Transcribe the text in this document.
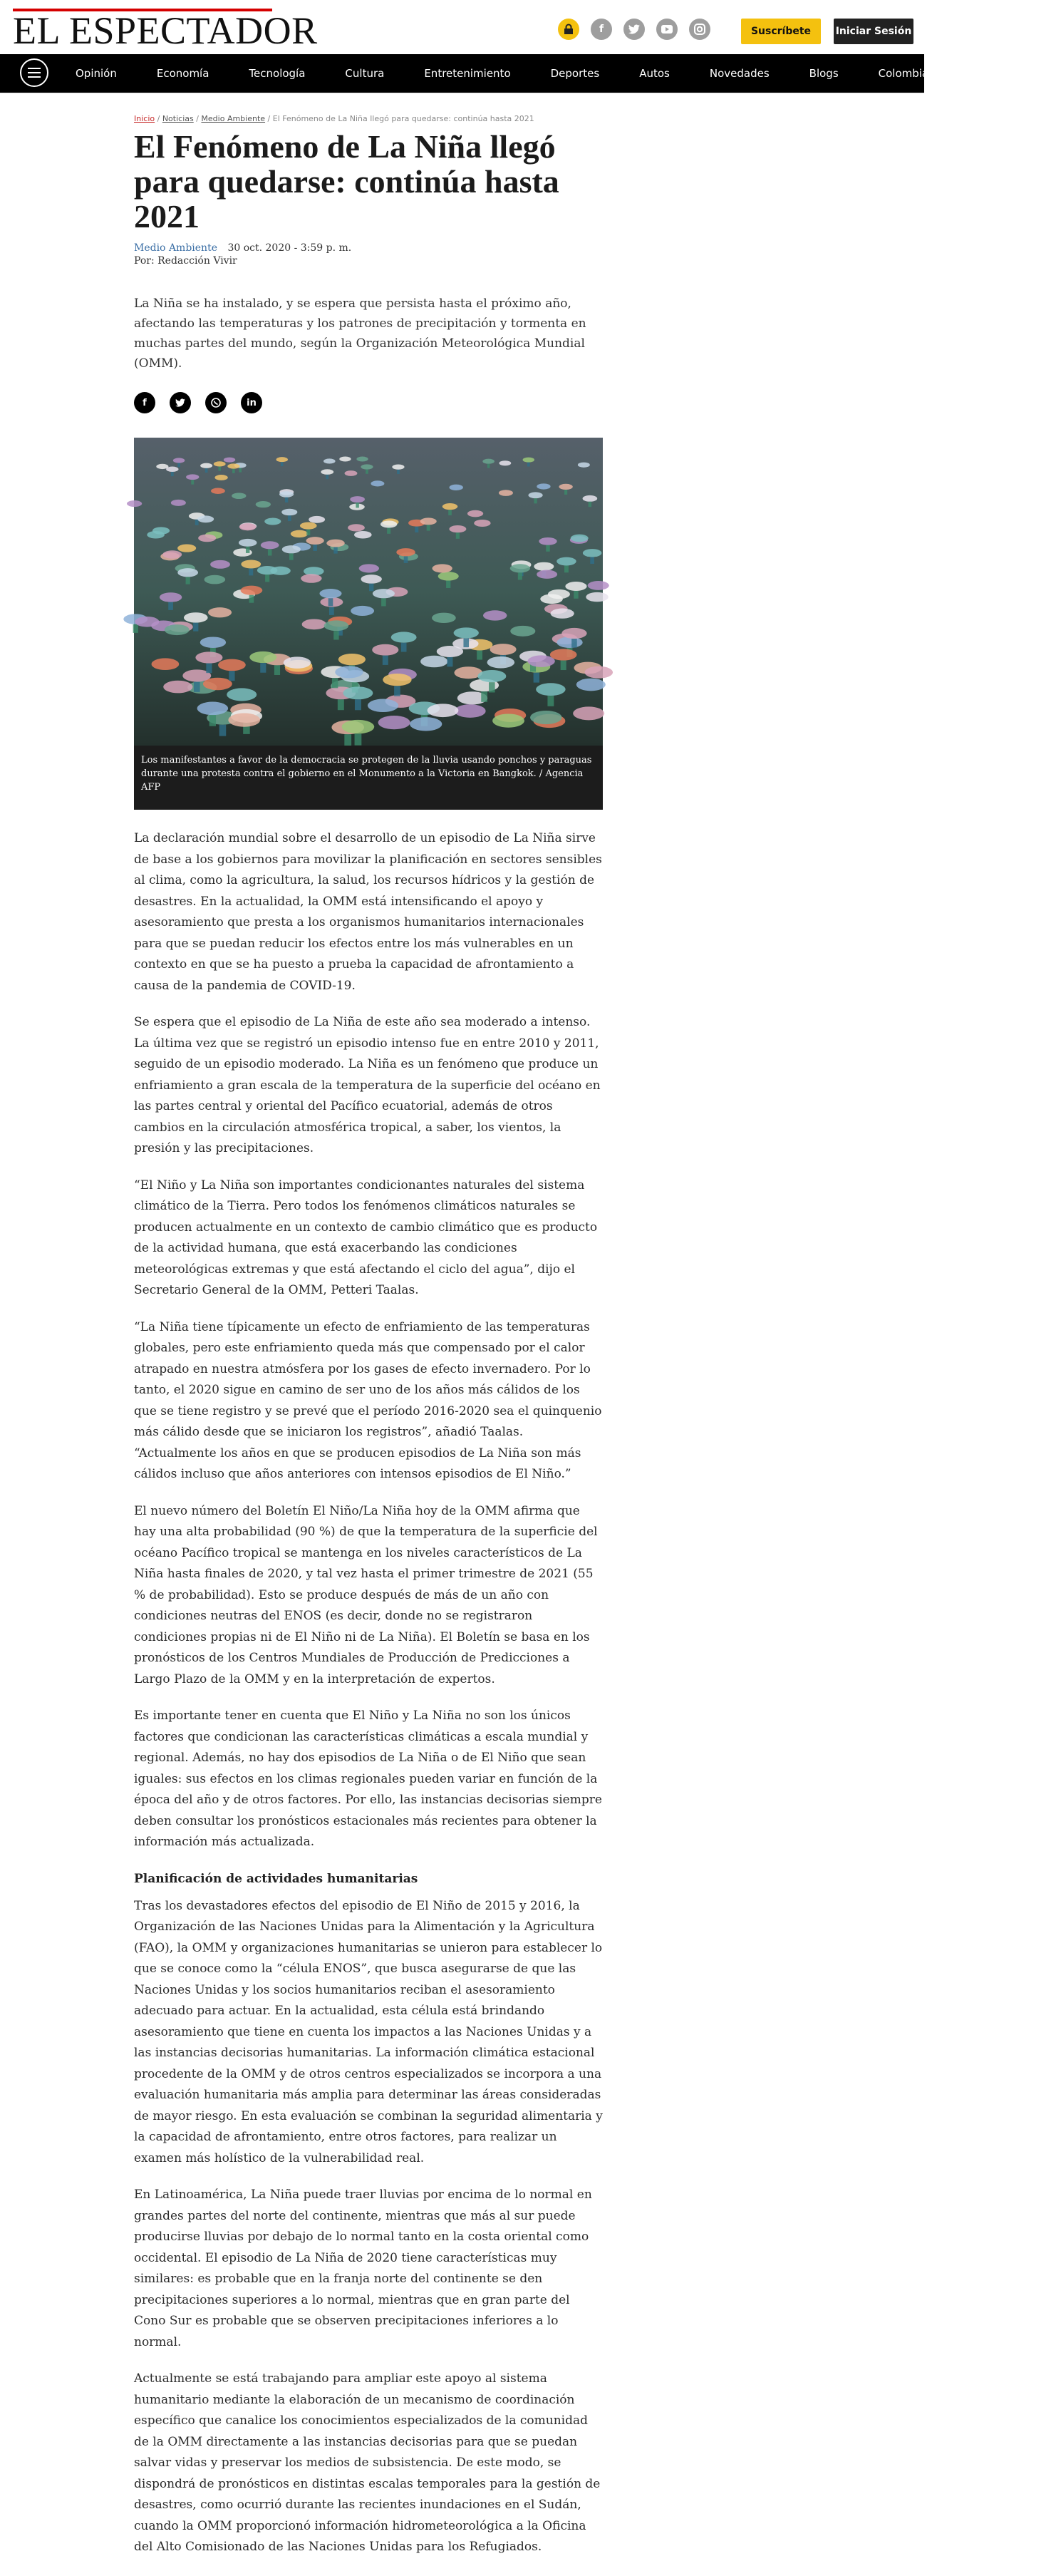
EL ESPECTADOR	f	Suscríbete	Iniciar Sesión
Opinión	Economía	Tecnología	Cultura	Entretenimiento	Deportes	Autos	Novedades	Blogs	Colombia 2020	Cr
Inicio / Noticias / Medio Ambiente / El Fenómeno de La Niña llegó para quedarse: continúa hasta 2021
El Fenómeno de La Niña llegó para quedarse: continúa hasta 2021
Medio Ambiente 30 oct. 2020 - 3:59 p. m.
Por: Redacción Vivir
La Niña se ha instalado, y se espera que persista hasta el próximo año, afectando las temperaturas y los patrones de precipitación y tormenta en muchas partes del mundo, según la Organización Meteorológica Mundial (OMM).
f	in
Los manifestantes a favor de la democracia se protegen de la lluvia usando ponchos y paraguas durante una protesta contra el gobierno en el Monumento a la Victoria en Bangkok. / Agencia AFP

La declaración mundial sobre el desarrollo de un episodio de La Niña sirve de base a los gobiernos para movilizar la planificación en sectores sensibles al clima, como la agricultura, la salud, los recursos hídricos y la gestión de desastres. En la actualidad, la OMM está intensificando el apoyo y asesoramiento que presta a los organismos humanitarios internacionales para que se puedan reducir los efectos entre los más vulnerables en un contexto en que se ha puesto a prueba la capacidad de afrontamiento a causa de la pandemia de COVID-19.

Se espera que el episodio de La Niña de este año sea moderado a intenso. La última vez que se registró un episodio intenso fue en entre 2010 y 2011, seguido de un episodio moderado. La Niña es un fenómeno que produce un enfriamiento a gran escala de la temperatura de la superficie del océano en las partes central y oriental del Pacífico ecuatorial, además de otros cambios en la circulación atmosférica tropical, a saber, los vientos, la presión y las precipitaciones.

“El Niño y La Niña son importantes condicionantes naturales del sistema climático de la Tierra. Pero todos los fenómenos climáticos naturales se producen actualmente en un contexto de cambio climático que es producto de la actividad humana, que está exacerbando las condiciones meteorológicas extremas y que está afectando el ciclo del agua”, dijo el Secretario General de la OMM, Petteri Taalas.

“La Niña tiene típicamente un efecto de enfriamiento de las temperaturas globales, pero este enfriamiento queda más que compensado por el calor atrapado en nuestra atmósfera por los gases de efecto invernadero. Por lo tanto, el 2020 sigue en camino de ser uno de los años más cálidos de los que se tiene registro y se prevé que el período 2016-2020 sea el quinquenio más cálido desde que se iniciaron los registros”, añadió Taalas. “Actualmente los años en que se producen episodios de La Niña son más cálidos incluso que años anteriores con intensos episodios de El Niño.”

El nuevo número del Boletín El Niño/La Niña hoy de la OMM afirma que hay una alta probabilidad (90 %) de que la temperatura de la superficie del océano Pacífico tropical se mantenga en los niveles característicos de La Niña hasta finales de 2020, y tal vez hasta el primer trimestre de 2021 (55 % de probabilidad). Esto se produce después de más de un año con condiciones neutras del ENOS (es decir, donde no se registraron condiciones propias ni de El Niño ni de La Niña). El Boletín se basa en los pronósticos de los Centros Mundiales de Producción de Predicciones a Largo Plazo de la OMM y en la interpretación de expertos.

Es importante tener en cuenta que El Niño y La Niña no son los únicos factores que condicionan las características climáticas a escala mundial y regional. Además, no hay dos episodios de La Niña o de El Niño que sean iguales: sus efectos en los climas regionales pueden variar en función de la época del año y de otros factores. Por ello, las instancias decisorias siempre deben consultar los pronósticos estacionales más recientes para obtener la información más actualizada.

Planificación de actividades humanitarias

Tras los devastadores efectos del episodio de El Niño de 2015 y 2016, la Organización de las Naciones Unidas para la Alimentación y la Agricultura (FAO), la OMM y organizaciones humanitarias se unieron para establecer lo que se conoce como la “célula ENOS”, que busca asegurarse de que las Naciones Unidas y los socios humanitarios reciban el asesoramiento adecuado para actuar. En la actualidad, esta célula está brindando asesoramiento que tiene en cuenta los impactos a las Naciones Unidas y a las instancias decisorias humanitarias. La información climática estacional procedente de la OMM y de otros centros especializados se incorpora a una evaluación humanitaria más amplia para determinar las áreas consideradas de mayor riesgo. En esta evaluación se combinan la seguridad alimentaria y la capacidad de afrontamiento, entre otros factores, para realizar un examen más holístico de la vulnerabilidad real.

En Latinoamérica, La Niña puede traer lluvias por encima de lo normal en grandes partes del norte del continente, mientras que más al sur puede producirse lluvias por debajo de lo normal tanto en la costa oriental como occidental. El episodio de La Niña de 2020 tiene características muy similares: es probable que en la franja norte del continente se den precipitaciones superiores a lo normal, mientras que en gran parte del Cono Sur es probable que se observen precipitaciones inferiores a lo normal.

Actualmente se está trabajando para ampliar este apoyo al sistema humanitario mediante la elaboración de un mecanismo de coordinación específico que canalice los conocimientos especializados de la comunidad de la OMM directamente a las instancias decisorias para que se puedan salvar vidas y preservar los medios de subsistencia. De este modo, se dispondrá de pronósticos en distintas escalas temporales para la gestión de desastres, como ocurrió durante las recientes inundaciones en el Sudán, cuando la OMM proporcionó información hidrometeorológica a la Oficina del Alto Comisionado de las Naciones Unidas para los Refugiados.
